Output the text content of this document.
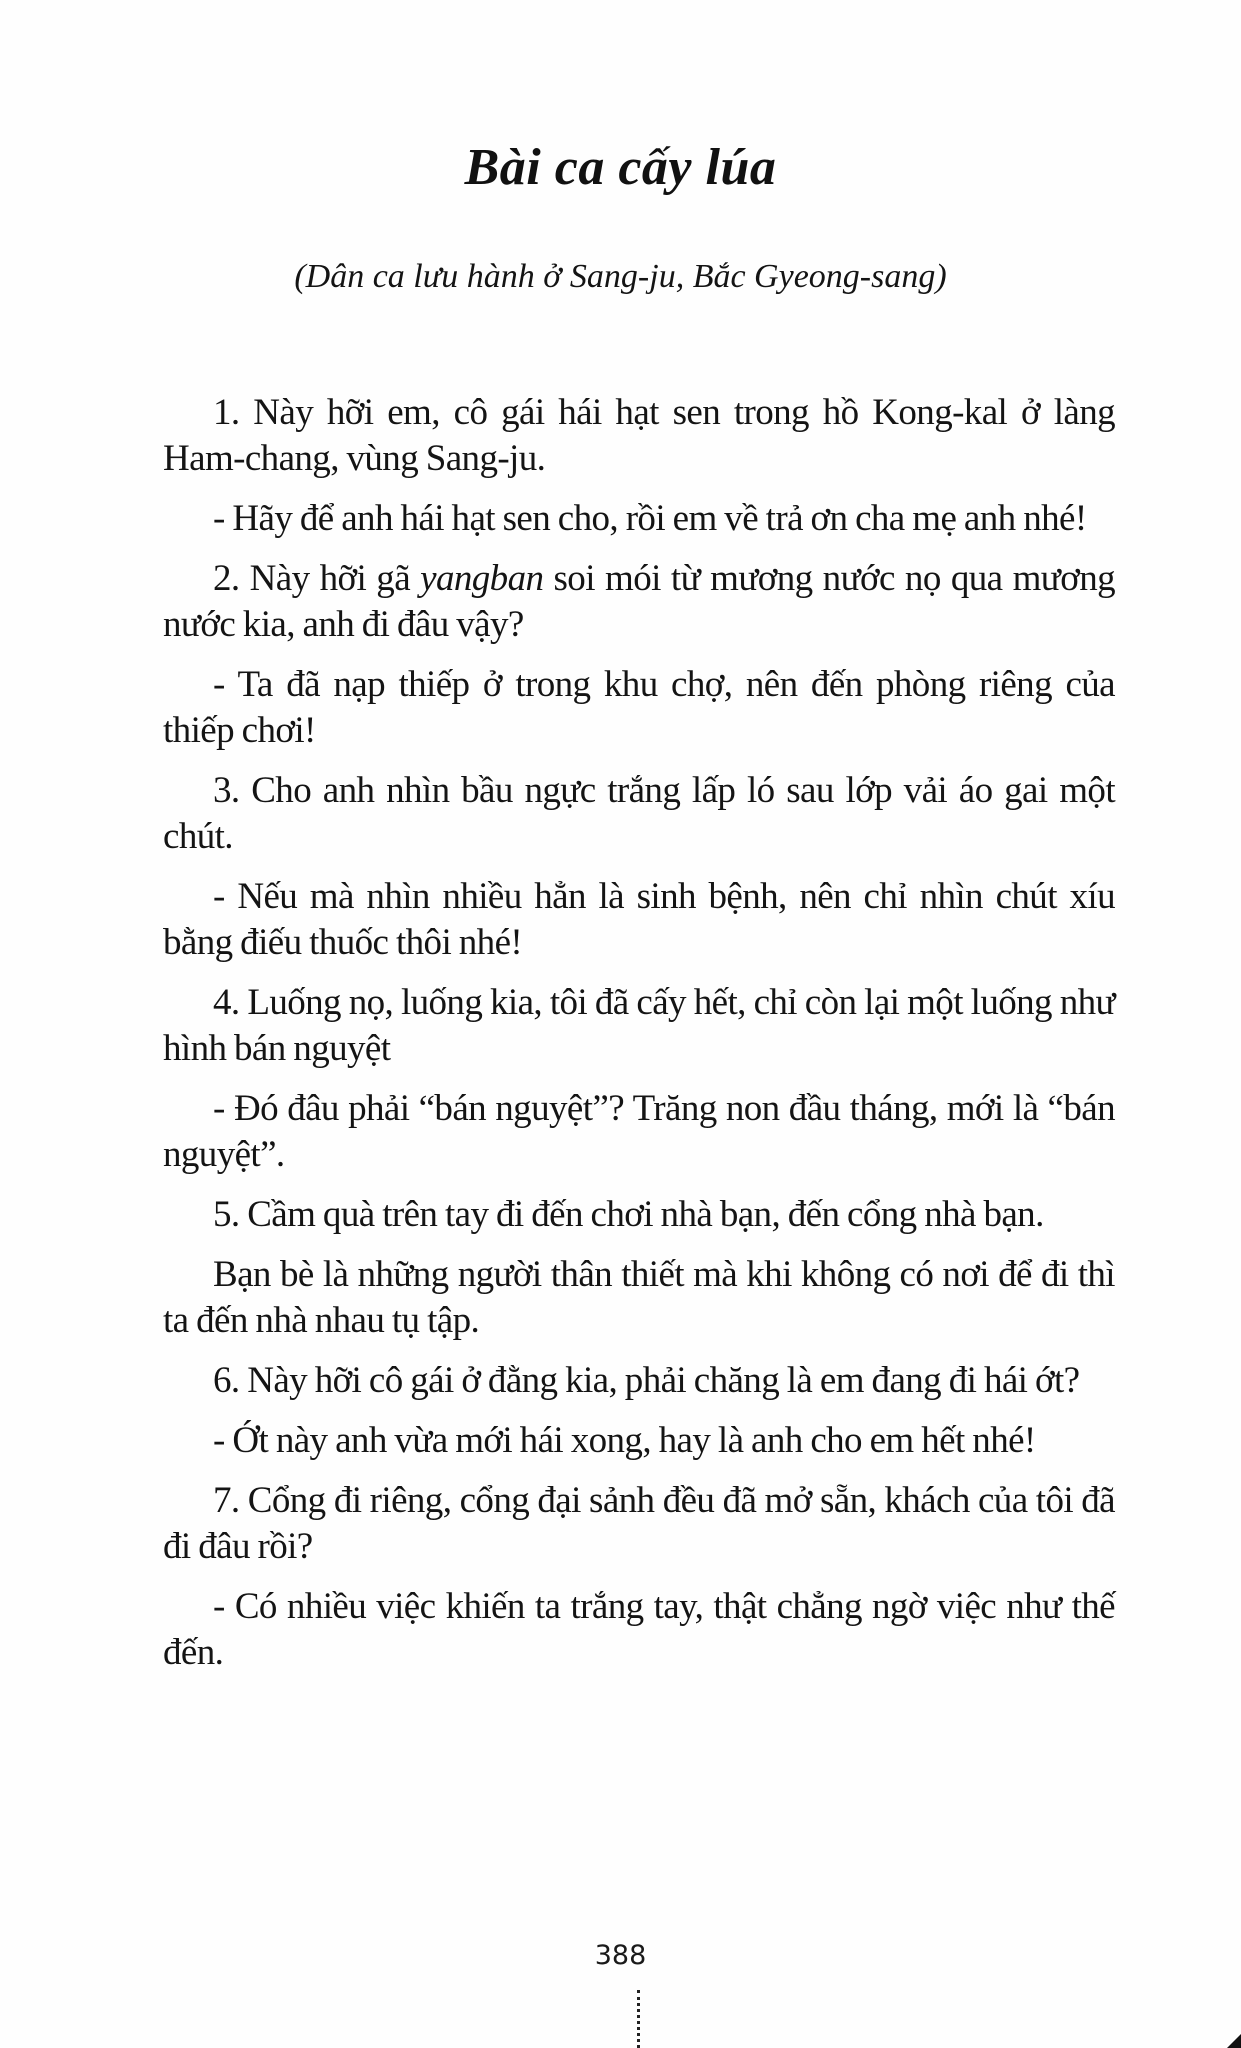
Bài ca cấy lúa

(Dân ca lưu hành ở Sang-ju, Bắc Gyeong-sang)

1. Này hỡi em, cô gái hái hạt sen trong hồ Kong-kal ở làng Ham-chang, vùng Sang-ju.

- Hãy để anh hái hạt sen cho, rồi em về trả ơn cha mẹ anh nhé!

2. Này hỡi gã yangban soi mói từ mương nước nọ qua mương nước kia, anh đi đâu vậy?

- Ta đã nạp thiếp ở trong khu chợ, nên đến phòng riêng của thiếp chơi!

3. Cho anh nhìn bầu ngực trắng lấp ló sau lớp vải áo gai một chút.

- Nếu mà nhìn nhiều hẳn là sinh bệnh, nên chỉ nhìn chút xíu bằng điếu thuốc thôi nhé!

4. Luống nọ, luống kia, tôi đã cấy hết, chỉ còn lại một luống như hình bán nguyệt

- Đó đâu phải “bán nguyệt”? Trăng non đầu tháng, mới là “bán nguyệt”.

5. Cầm quà trên tay đi đến chơi nhà bạn, đến cổng nhà bạn.

Bạn bè là những người thân thiết mà khi không có nơi để đi thì ta đến nhà nhau tụ tập.

6. Này hỡi cô gái ở đằng kia, phải chăng là em đang đi hái ớt?

- Ớt này anh vừa mới hái xong, hay là anh cho em hết nhé!

7. Cổng đi riêng, cổng đại sảnh đều đã mở sẵn, khách của tôi đã đi đâu rồi?

- Có nhiều việc khiến ta trắng tay, thật chẳng ngờ việc như thế đến.

388
